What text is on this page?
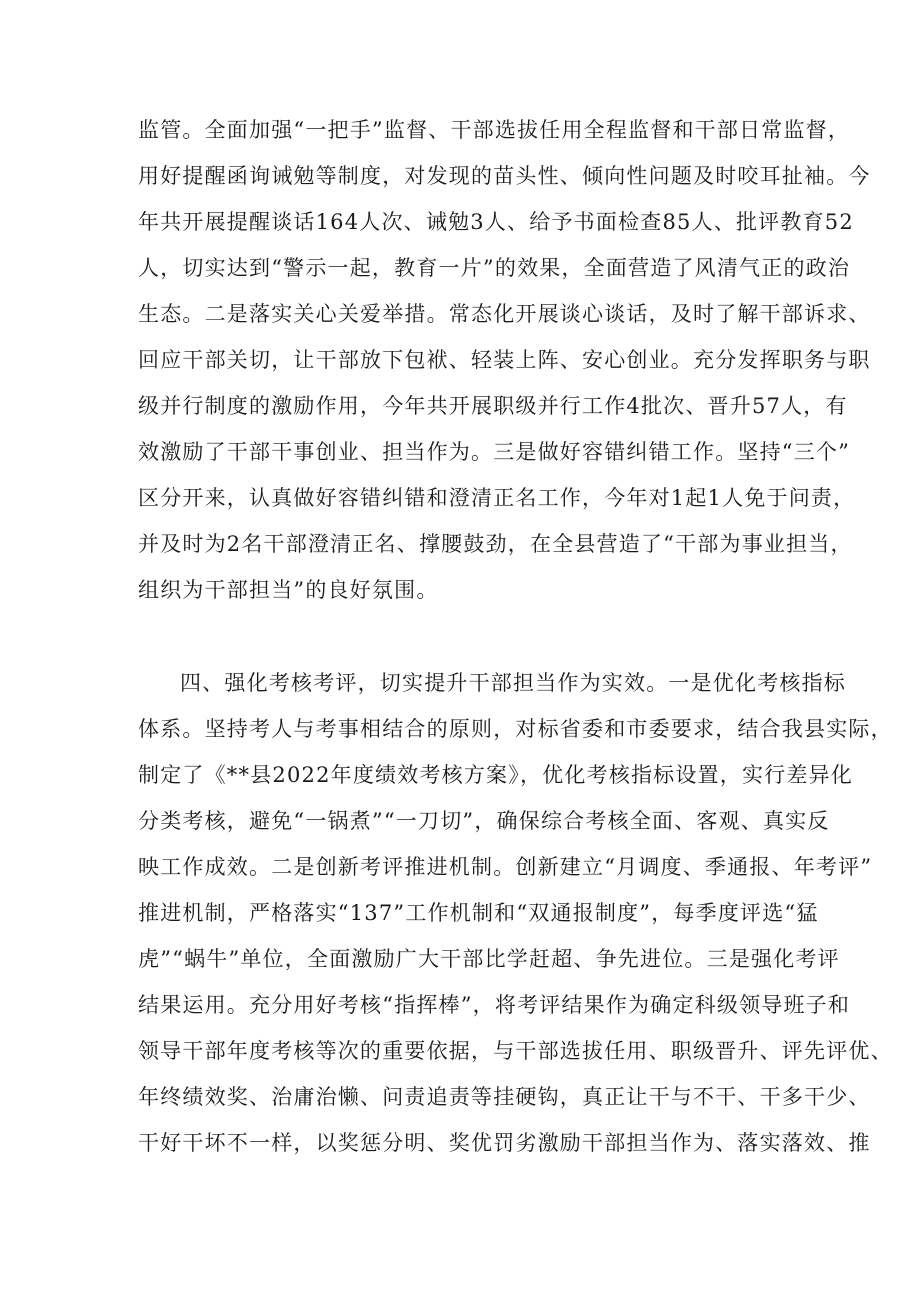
监管。全面加强“一把手”监督、干部选拔任用全程监督和干部日常监督，
用好提醒函询诫勉等制度，对发现的苗头性、倾向性问题及时咬耳扯袖。今
年共开展提醒谈话164人次、诫勉3人、给予书面检查85人、批评教育52
人，切实达到“警示一起，教育一片”的效果，全面营造了风清气正的政治
生态。二是落实关心关爱举措。常态化开展谈心谈话，及时了解干部诉求、
回应干部关切，让干部放下包袱、轻装上阵、安心创业。充分发挥职务与职
级并行制度的激励作用，今年共开展职级并行工作4批次、晋升57人，有
效激励了干部干事创业、担当作为。三是做好容错纠错工作。坚持“三个”
区分开来，认真做好容错纠错和澄清正名工作，今年对1起1人免于问责，
并及时为2名干部澄清正名、撑腰鼓劲，在全县营造了“干部为事业担当，
组织为干部担当”的良好氛围。
四、强化考核考评，切实提升干部担当作为实效。一是优化考核指标
体系。坚持考人与考事相结合的原则，对标省委和市委要求，结合我县实际，
制定了《**县2022年度绩效考核方案》，优化考核指标设置，实行差异化
分类考核，避免“一锅煮”“一刀切”，确保综合考核全面、客观、真实反
映工作成效。二是创新考评推进机制。创新建立“月调度、季通报、年考评”
推进机制，严格落实“137”工作机制和“双通报制度”，每季度评选“猛
虎”“蜗牛”单位，全面激励广大干部比学赶超、争先进位。三是强化考评
结果运用。充分用好考核“指挥棒”，将考评结果作为确定科级领导班子和
领导干部年度考核等次的重要依据，与干部选拔任用、职级晋升、评先评优、
年终绩效奖、治庸治懒、问责追责等挂硬钩，真正让干与不干、干多干少、
干好干坏不一样，以奖惩分明、奖优罚劣激励干部担当作为、落实落效、推
